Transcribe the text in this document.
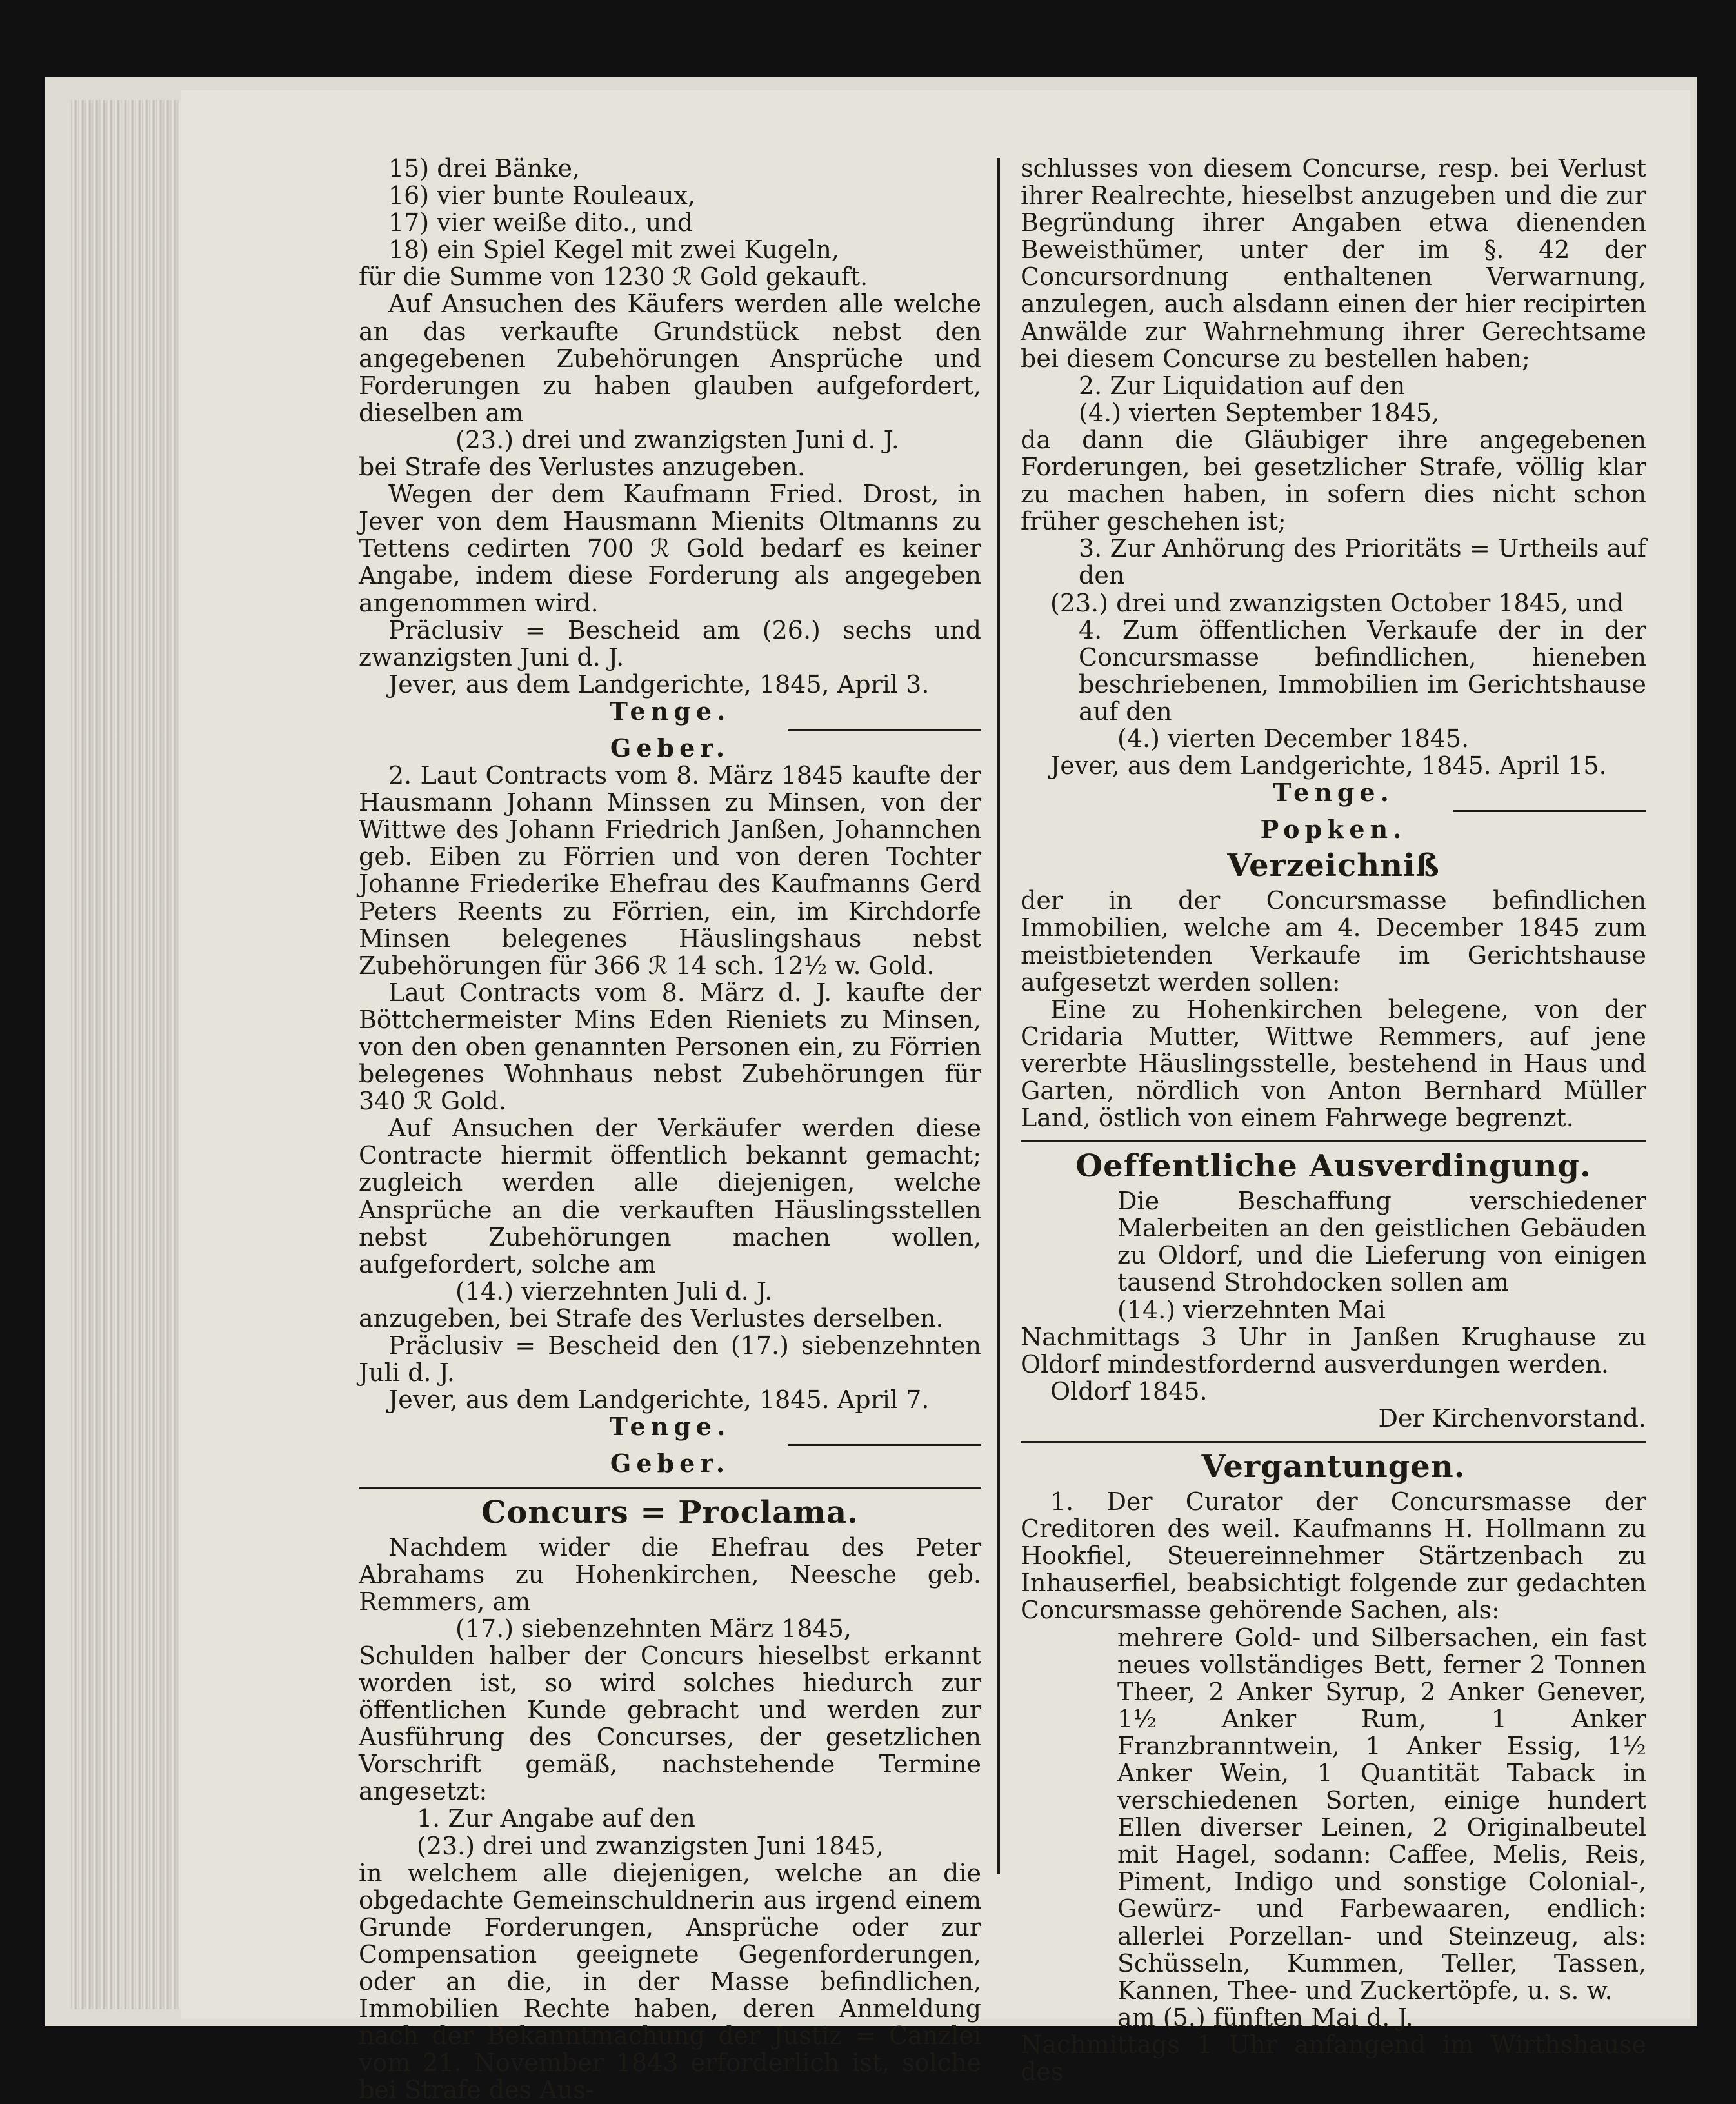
15) drei Bänke,
16) vier bunte Rouleaux,
17) vier weiße dito., und
18) ein Spiel Kegel mit zwei Kugeln,
für die Summe von 1230 ℛ Gold gekauft.
Auf Ansuchen des Käufers werden alle welche an das verkaufte Grundstück nebst den angegebenen Zubehörungen Ansprüche und Forderungen zu haben glauben aufgefordert, dieselben am
(23.) drei und zwanzigsten Juni d. J.
bei Strafe des Verlustes anzugeben.
Wegen der dem Kaufmann Fried. Drost, in Jever von dem Hausmann Mienits Oltmanns zu Tettens cedirten 700 ℛ Gold bedarf es keiner Angabe, indem diese Forderung als angegeben angenommen wird.
Präclusiv = Bescheid am (26.) sechs und zwanzigsten Juni d. J.
Jever, aus dem Landgerichte, 1845, April 3.
Tenge.
Geber.
2. Laut Contracts vom 8. März 1845 kaufte der Hausmann Johann Minssen zu Minsen, von der Wittwe des Johann Friedrich Janßen, Johannchen geb. Eiben zu Förrien und von deren Tochter Johanne Friederike Ehefrau des Kaufmanns Gerd Peters Reents zu Förrien, ein, im Kirchdorfe Minsen belegenes Häuslingshaus nebst Zubehörungen für 366 ℛ 14 sch. 12½ w. Gold.
Laut Contracts vom 8. März d. J. kaufte der Böttchermeister Mins Eden Rieniets zu Minsen, von den oben genannten Personen ein, zu Förrien belegenes Wohnhaus nebst Zubehörungen für 340 ℛ Gold.
Auf Ansuchen der Verkäufer werden diese Contracte hiermit öffentlich bekannt gemacht; zugleich werden alle diejenigen, welche Ansprüche an die verkauften Häuslingsstellen nebst Zubehörungen machen wollen, aufgefordert, solche am
(14.) vierzehnten Juli d. J.
anzugeben, bei Strafe des Verlustes derselben.
Präclusiv = Bescheid den (17.) siebenzehnten Juli d. J.
Jever, aus dem Landgerichte, 1845. April 7.
Tenge.
Geber.
Concurs = Proclama.
Nachdem wider die Ehefrau des Peter Abrahams zu Hohenkirchen, Neesche geb. Remmers, am
(17.) siebenzehnten März 1845,
Schulden halber der Concurs hieselbst erkannt worden ist, so wird solches hiedurch zur öffentlichen Kunde gebracht und werden zur Ausführung des Concurses, der gesetzlichen Vorschrift gemäß, nachstehende Termine angesetzt:
1. Zur Angabe auf den
(23.) drei und zwanzigsten Juni 1845,
in welchem alle diejenigen, welche an die obgedachte Gemeinschuldnerin aus irgend einem Grunde Forderungen, Ansprüche oder zur Compensation geeignete Gegenforderungen, oder an die, in der Masse befindlichen, Immobilien Rechte haben, deren Anmeldung nach der Bekanntmachung der Justiz = Canzlei vom 21. November 1843 erforderlich ist, solche bei Strafe des Aus-
schlusses von diesem Concurse, resp. bei Verlust ihrer Realrechte, hieselbst anzugeben und die zur Begründung ihrer Angaben etwa dienenden Beweisthümer, unter der im §. 42 der Concursordnung enthaltenen Verwarnung, anzulegen, auch alsdann einen der hier recipirten Anwälde zur Wahrnehmung ihrer Gerechtsame bei diesem Concurse zu bestellen haben;
2. Zur Liquidation auf den
(4.) vierten September 1845,
da dann die Gläubiger ihre angegebenen Forderungen, bei gesetzlicher Strafe, völlig klar zu machen haben, in sofern dies nicht schon früher geschehen ist;
3. Zur Anhörung des Prioritäts = Urtheils auf den
(23.) drei und zwanzigsten October 1845, und
4. Zum öffentlichen Verkaufe der in der Concursmasse befindlichen, hieneben beschriebenen, Immobilien im Gerichtshause auf den
(4.) vierten December 1845.
Jever, aus dem Landgerichte, 1845. April 15.
Tenge.
Popken.
Verzeichniß
der in der Concursmasse befindlichen Immobilien, welche am 4. December 1845 zum meistbietenden Verkaufe im Gerichtshause aufgesetzt werden sollen:
Eine zu Hohenkirchen belegene, von der Cridaria Mutter, Wittwe Remmers, auf jene vererbte Häuslingsstelle, bestehend in Haus und Garten, nördlich von Anton Bernhard Müller Land, östlich von einem Fahrwege begrenzt.
Oeffentliche Ausverdingung.
Die Beschaffung verschiedener Malerbeiten an den geistlichen Gebäuden zu Oldorf, und die Lieferung von einigen tausend Strohdocken sollen am
(14.) vierzehnten Mai
Nachmittags 3 Uhr in Janßen Krughause zu Oldorf mindestfordernd ausverdungen werden.
Oldorf 1845.
Der Kirchenvorstand.
Vergantungen.
1. Der Curator der Concursmasse der Creditoren des weil. Kaufmanns H. Hollmann zu Hookfiel, Steuereinnehmer Stärtzenbach zu Inhauserfiel, beabsichtigt folgende zur gedachten Concursmasse gehörende Sachen, als:
mehrere Gold- und Silbersachen, ein fast neues vollständiges Bett, ferner 2 Tonnen Theer, 2 Anker Syrup, 2 Anker Genever, 1½ Anker Rum, 1 Anker Franzbranntwein, 1 Anker Essig, 1½ Anker Wein, 1 Quantität Taback in verschiedenen Sorten, einige hundert Ellen diverser Leinen, 2 Originalbeutel mit Hagel, sodann: Caffee, Melis, Reis, Piment, Indigo und sonstige Colonial-, Gewürz- und Farbewaaren, endlich: allerlei Porzellan- und Steinzeug, als: Schüsseln, Kummen, Teller, Tassen, Kannen, Thee- und Zuckertöpfe, u. s. w.
am (5.) fünften Mai d. J.
Nachmittags 1 Uhr anfangend im Wirthshause des
